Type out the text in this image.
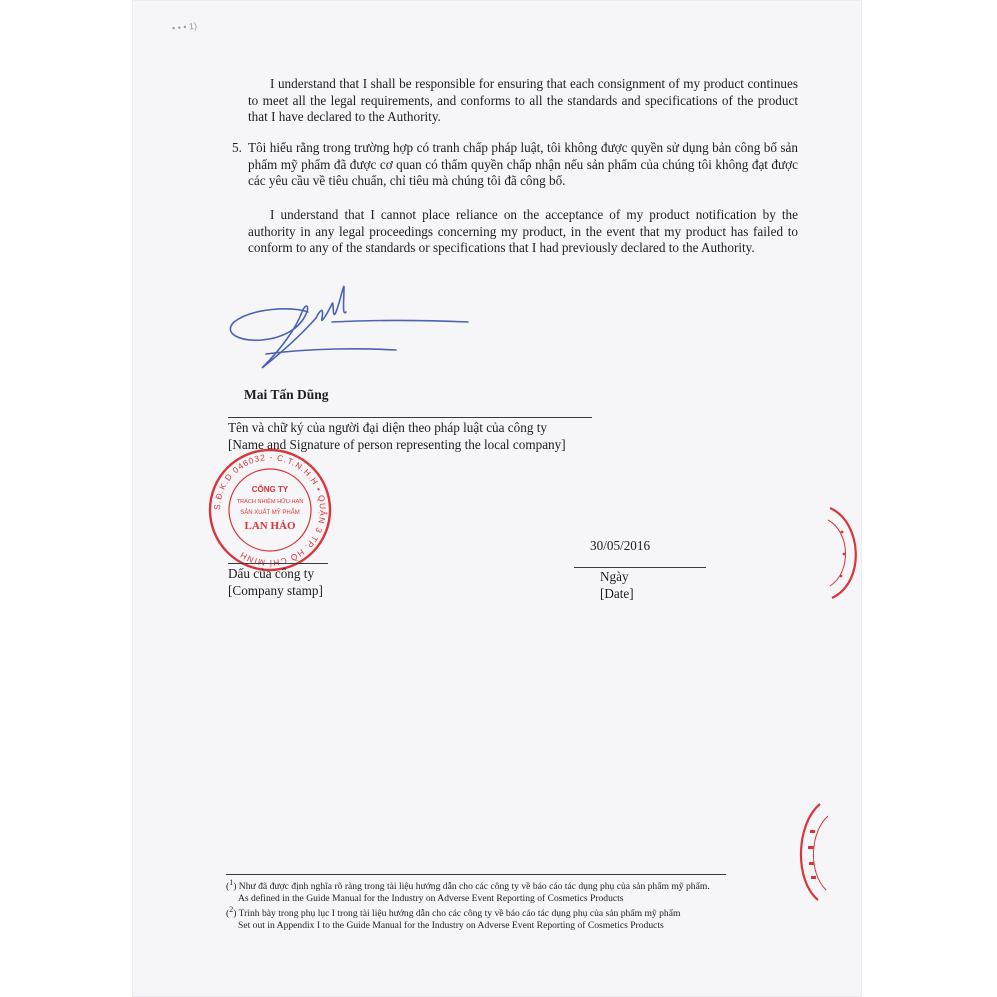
• • • 1)

I understand that I shall be responsible for ensuring that each consignment of my product continues to meet all the legal requirements, and conforms to all the standards and specifications of the product that I have declared to the Authority.

5. Tôi hiểu rằng trong trường hợp có tranh chấp pháp luật, tôi không được quyền sử dụng bản công bố sản phẩm mỹ phẩm đã được cơ quan có thẩm quyền chấp nhận nếu sản phẩm của chúng tôi không đạt được các yêu cầu về tiêu chuẩn, chỉ tiêu mà chúng tôi đã công bố.

I understand that I cannot place reliance on the acceptance of my product notification by the authority in any legal proceedings concerning my product, in the event that my product has failed to conform to any of the standards or specifications that I had previously declared to the Authority.

Mai Tấn Dũng

Tên và chữ ký của người đại diện theo pháp luật của công ty
[Name and Signature of person representing the local company]

S.Đ.K.D 046032 - C.T.N.H.H • QUẬN 3 TP. HỒ CHÍ MINH
CÔNG TY
TRÁCH NHIỆM HỮU HẠN
SẢN XUẤT MỸ PHẨM
LAN HẢO

Dấu của công ty
[Company stamp]

30/05/2016

Ngày
[Date]

($^1$) Như đã được định nghĩa rõ ràng trong tài liệu hướng dẫn cho các công ty về báo cáo tác dụng phụ của sản phẩm mỹ phẩm.

As defined in the Guide Manual for the Industry on Adverse Event Reporting of Cosmetics Products

($^2$) Trình bày trong phụ lục I trong tài liệu hướng dẫn cho các công ty về báo cáo tác dụng phụ của sản phẩm mỹ phẩm

Set out in Appendix I to the Guide Manual for the Industry on Adverse Event Reporting of Cosmetics Products
